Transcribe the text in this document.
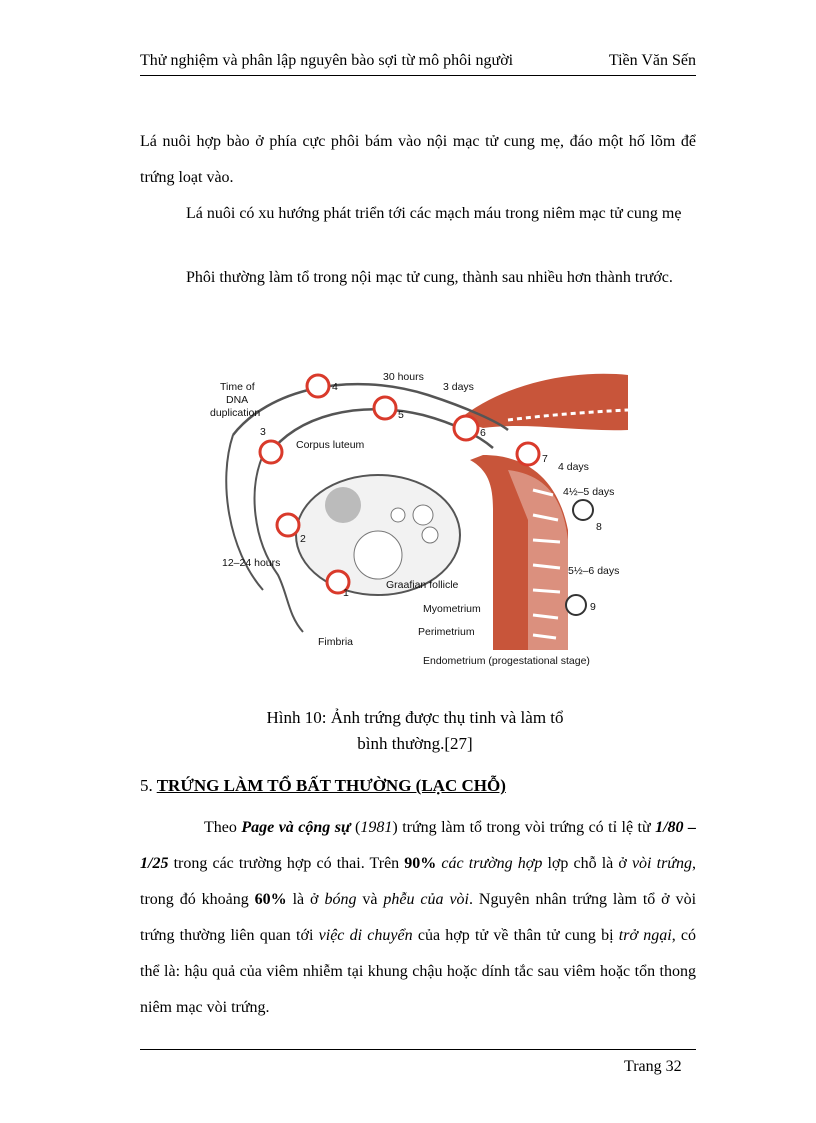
Thử nghiệm và phân lập nguyên bào sợi từ mô phôi người	Tiền Văn Sến

Lá nuôi hợp bào ở phía cực phôi bám vào nội mạc tử cung mẹ, đáo một hố lõm để trứng loạt vào.

Lá nuôi có xu hướng phát triển tới các mạch máu trong niêm mạc tử cung mẹ

Phôi thường làm tổ trong nội mạc tử cung, thành sau nhiều hơn thành trước.

Time of
DNA
duplication
30 hours
3 days
Corpus luteum
4 days
4½–5 days
12–24 hours
Graafian follicle
5½–6 days
Myometrium
Perimetrium
Fimbria
Endometrium (progestational stage)
1
2
3
4
5
6
7
8
9

Hình 10: Ảnh trứng được thụ tinh và làm tổ

bình thường.[27]

5. TRỨNG LÀM TỔ BẤT THƯỜNG (LẠC CHỖ)

Theo Page và cộng sự (1981) trứng làm tổ trong vòi trứng có tỉ lệ từ 1/80 – 1/25 trong các trường hợp có thai. Trên 90% các trường hợp lợp chỗ là ở vòi trứng, trong đó khoảng 60% là ở bóng và phễu của vòi. Nguyên nhân trứng làm tổ ở vòi trứng thường liên quan tới việc di chuyển của hợp tử về thân tử cung bị trở ngại, có thể là: hậu quả của viêm nhiễm tại khung chậu hoặc dính tắc sau viêm hoặc tổn thong niêm mạc vòi trứng.

Trang 32
